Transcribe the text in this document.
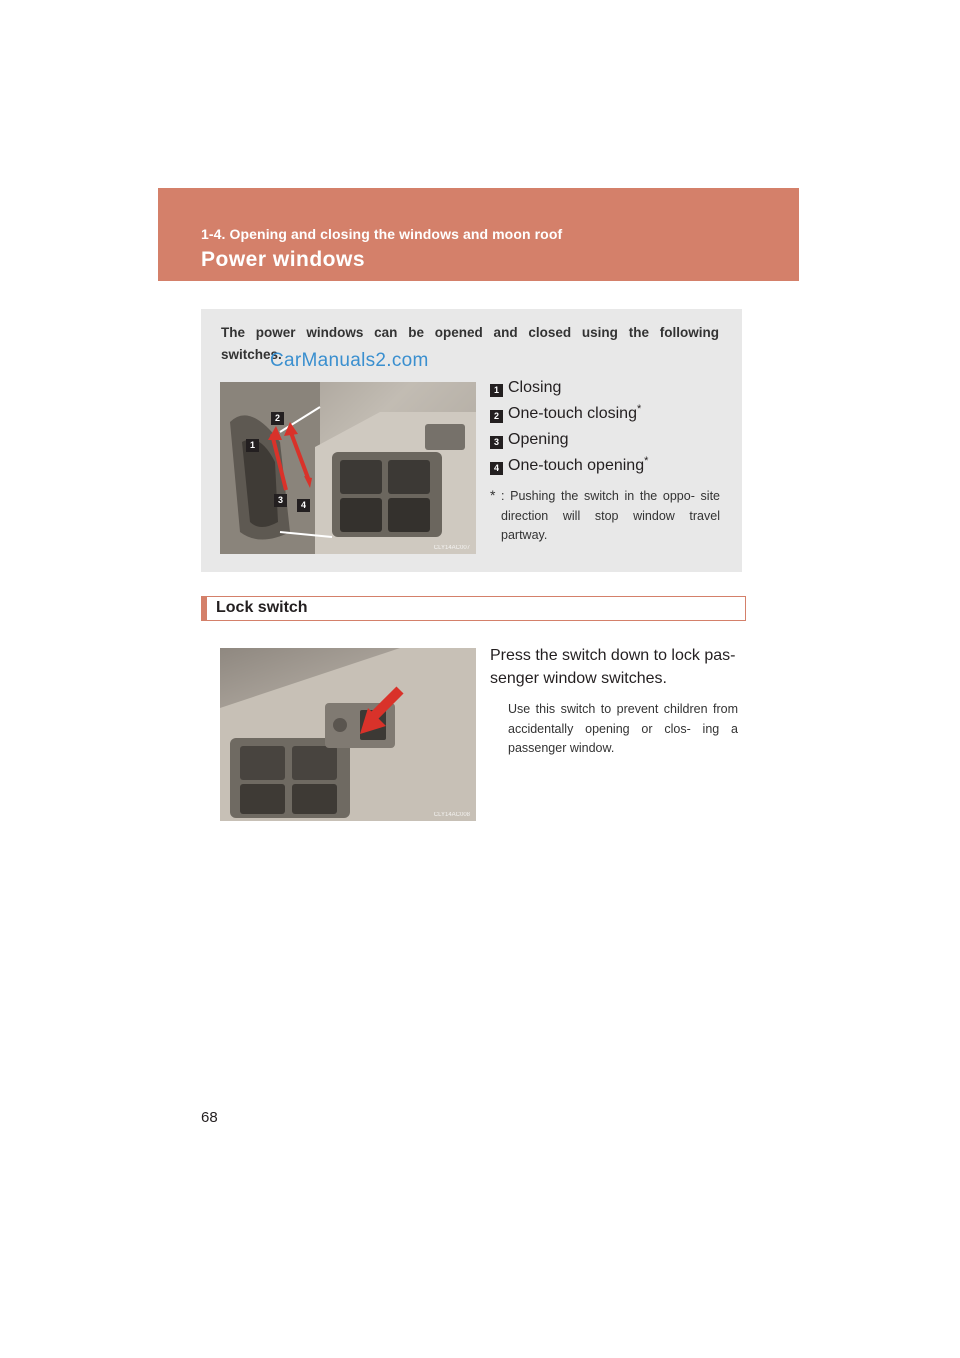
1-4. Opening and closing the windows and moon roof
Power windows
The power windows can be opened and closed using the following
switches.
CarManuals2.com
1
2
3	4
CLY14AC007
1 Closing
2 One-touch closing*
3 Opening
4 One-touch opening*
* : Pushing the switch in the oppo- site direction will stop window travel partway.
Lock switch
CLY14AC008
Press the switch down to lock pas- senger window switches.
Use this switch to prevent children from accidentally opening or clos- ing a passenger window.
68
